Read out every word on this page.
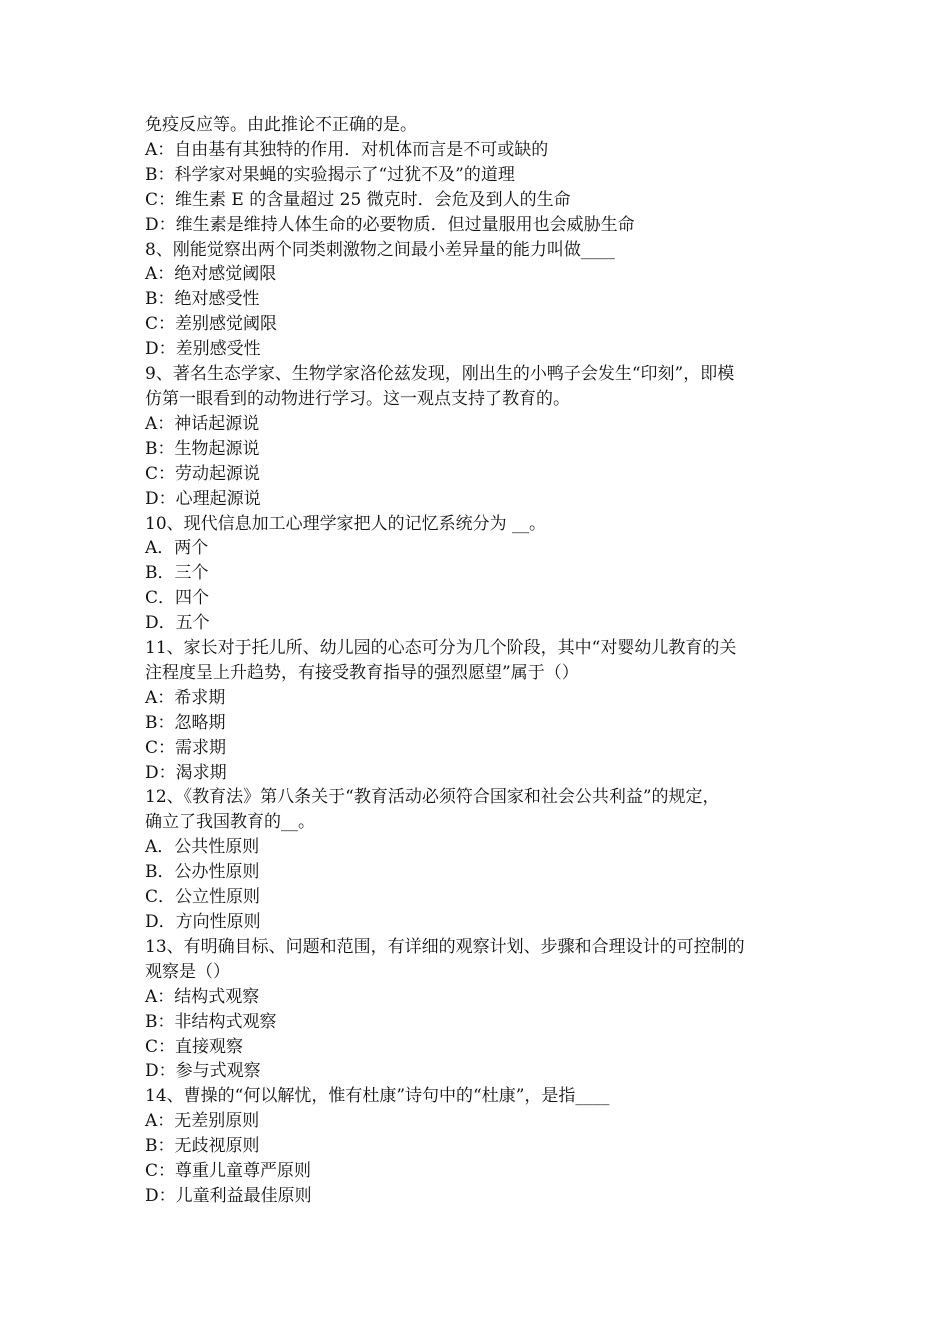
免疫反应等。由此推论不正确的是。
A：自由基有其独特的作用．对机体而言是不可或缺的
B：科学家对果蝇的实验揭示了“过犹不及”的道理
C：维生素 E 的含量超过 25 微克时．会危及到人的生命
D：维生素是维持人体生命的必要物质．但过量服用也会威胁生命
8、刚能觉察出两个同类刺激物之间最小差异量的能力叫做____
A：绝对感觉阈限
B：绝对感受性
C：差别感觉阈限
D：差别感受性
9、著名生态学家、生物学家洛伦兹发现，刚出生的小鸭子会发生“印刻”，即模
仿第一眼看到的动物进行学习。这一观点支持了教育的。
A：神话起源说
B：生物起源说
C：劳动起源说
D：心理起源说
10、现代信息加工心理学家把人的记忆系统分为 __。
A．两个
B．三个
C．四个
D．五个
11、家长对于托儿所、幼儿园的心态可分为几个阶段，其中“对婴幼儿教育的关
注程度呈上升趋势，有接受教育指导的强烈愿望”属于（）
A：希求期
B：忽略期
C：需求期
D：渴求期
12、《教育法》第八条关于“教育活动必须符合国家和社会公共利益”的规定，
确立了我国教育的__。
A．公共性原则
B．公办性原则
C．公立性原则
D．方向性原则
13、有明确目标、问题和范围，有详细的观察计划、步骤和合理设计的可控制的
观察是（）
A：结构式观察
B：非结构式观察
C：直接观察
D：参与式观察
14、曹操的“何以解忧，惟有杜康”诗句中的“杜康”，是指____
A：无差别原则
B：无歧视原则
C：尊重儿童尊严原则
D：儿童利益最佳原则
